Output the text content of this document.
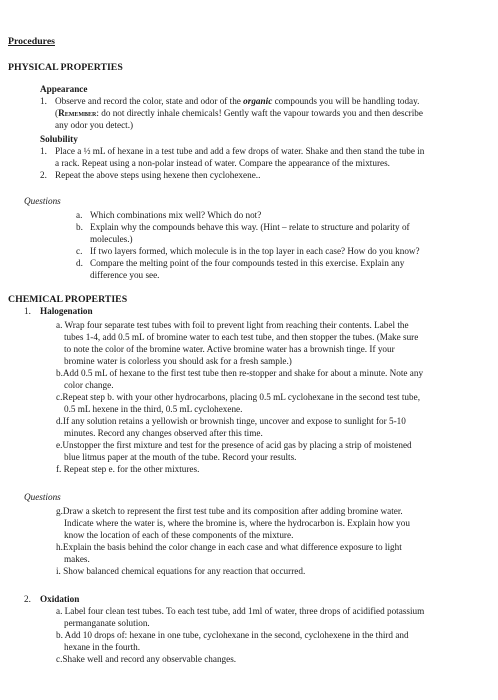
Procedures
PHYSICAL PROPERTIES
Appearance
1. Observe and record the color, state and odor of the organic compounds you will be handling today.
(Remember: do not directly inhale chemicals! Gently waft the vapour towards you and then describe
any odor you detect.)
Solubility
1. Place a ½ mL of hexane in a test tube and add a few drops of water. Shake and then stand the tube in
a rack. Repeat using a non-polar instead of water. Compare the appearance of the mixtures.
2. Repeat the above steps using hexene then cyclohexene..
Questions
a. Which combinations mix well? Which do not?
b. Explain why the compounds behave this way. (Hint – relate to structure and polarity of
molecules.)
c. If two layers formed, which molecule is in the top layer in each case? How do you know?
d. Compare the melting point of the four compounds tested in this exercise. Explain any
difference you see.
CHEMICAL PROPERTIES
1. Halogenation
a. Wrap four separate test tubes with foil to prevent light from reaching their contents. Label the
tubes 1-4, add 0.5 mL of bromine water to each test tube, and then stopper the tubes. (Make sure
to note the color of the bromine water. Active bromine water has a brownish tinge. If your
bromine water is colorless you should ask for a fresh sample.)
b.Add 0.5 mL of hexane to the first test tube then re-stopper and shake for about a minute. Note any
color change.
c.Repeat step b. with your other hydrocarbons, placing 0.5 mL cyclohexane in the second test tube,
0.5 mL hexene in the third, 0.5 mL cyclohexene.
d.If any solution retains a yellowish or brownish tinge, uncover and expose to sunlight for 5-10
minutes. Record any changes observed after this time.
e.Unstopper the first mixture and test for the presence of acid gas by placing a strip of moistened
blue litmus paper at the mouth of the tube. Record your results.
f. Repeat step e. for the other mixtures.
Questions
g.Draw a sketch to represent the first test tube and its composition after adding bromine water.
Indicate where the water is, where the bromine is, where the hydrocarbon is. Explain how you
know the location of each of these components of the mixture.
h.Explain the basis behind the color change in each case and what difference exposure to light
makes.
i. Show balanced chemical equations for any reaction that occurred.
2. Oxidation
a. Label four clean test tubes. To each test tube, add 1ml of water, three drops of acidified potassium
permanganate solution.
b. Add 10 drops of: hexane in one tube, cyclohexane in the second, cyclohexene in the third and
hexane in the fourth.
c.Shake well and record any observable changes.
